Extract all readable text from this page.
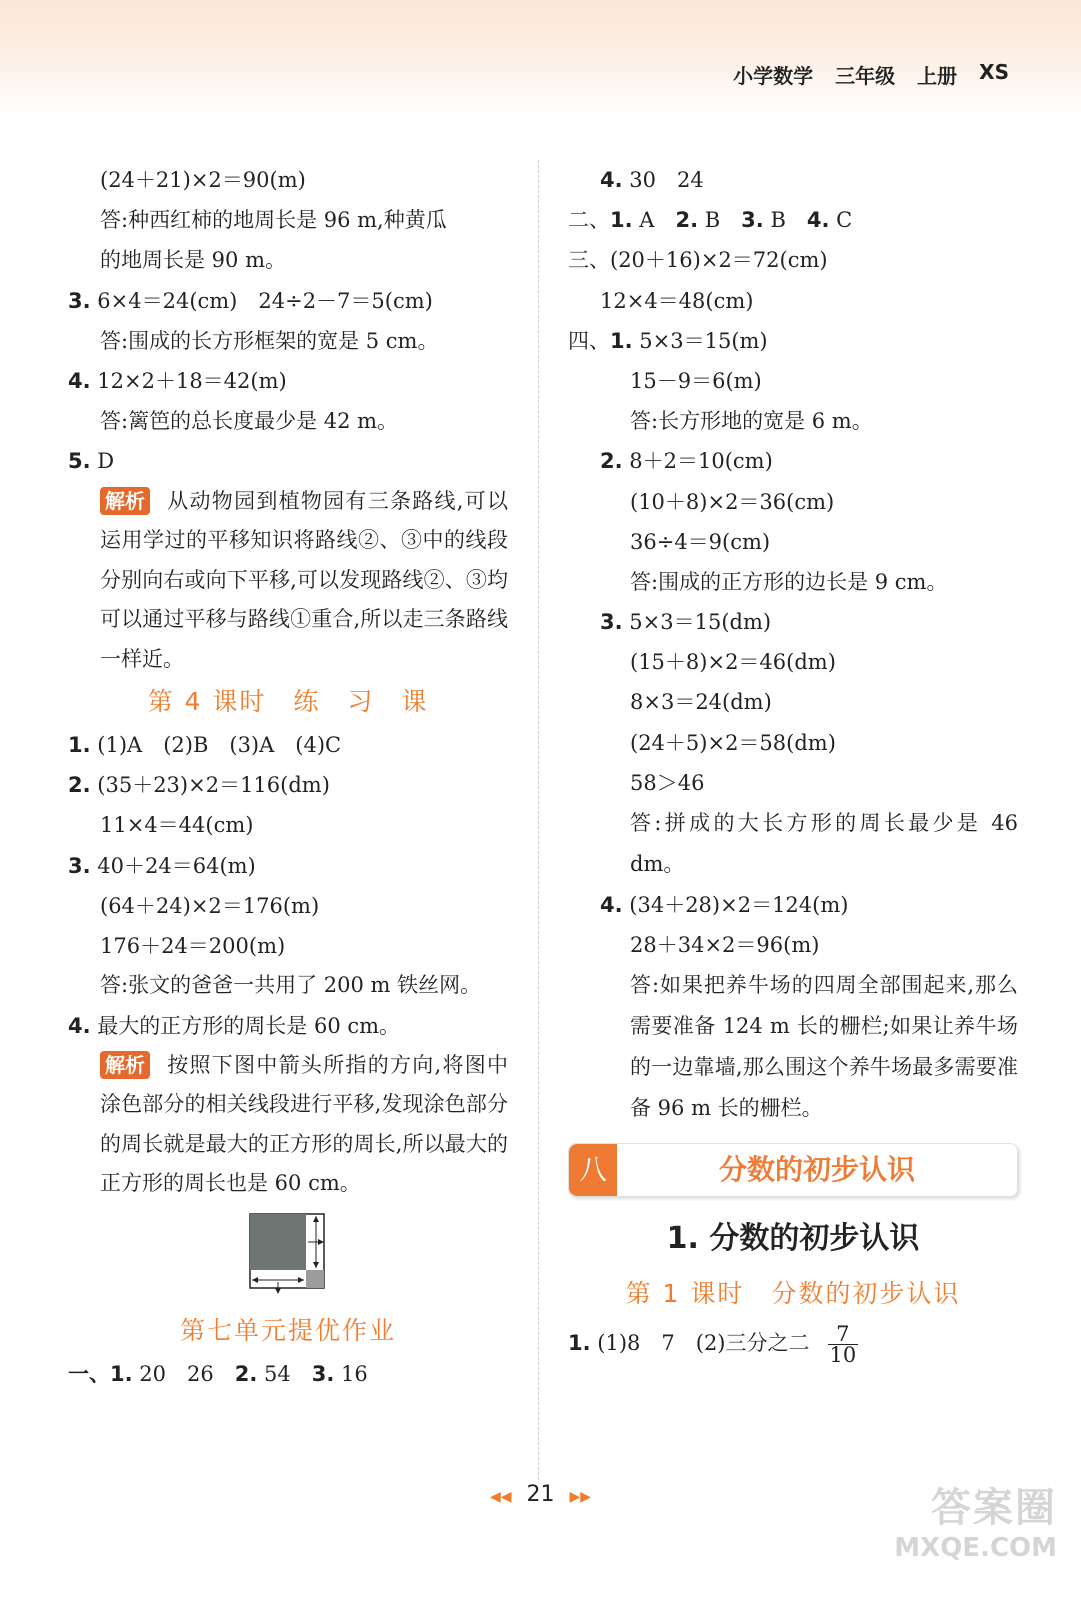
小学数学 三年级 上册 XS
(24＋21)×2＝90(m)
答:种西红柿的地周长是 96 m,种黄瓜
的地周长是 90 m。
3. 6×4＝24(cm)　24÷2－7＝5(cm)
答:围成的长方形框架的宽是 5 cm。
4. 12×2＋18＝42(m)
答:篱笆的总长度最少是 42 m。
5. D
解析 从动物园到植物园有三条路线,可以运用学过的平移知识将路线②、③中的线段分别向右或向下平移,可以发现路线②、③均可以通过平移与路线①重合,所以走三条路线一样近。
第 4 课时　练　习　课
1. (1)A　(2)B　(3)A　(4)C
2. (35＋23)×2＝116(dm)
11×4＝44(cm)
3. 40＋24＝64(m)
(64＋24)×2＝176(m)
176＋24＝200(m)
答:张文的爸爸一共用了 200 m 铁丝网。
4. 最大的正方形的周长是 60 cm。
解析 按照下图中箭头所指的方向,将图中涂色部分的相关线段进行平移,发现涂色部分的周长就是最大的正方形的周长,所以最大的正方形的周长也是 60 cm。
第七单元提优作业
一、1. 20　26　 2. 54　 3. 16
4. 30　24
二、1. A　 2. B　 3. B　 4. C
三、(20＋16)×2＝72(cm)
12×4＝48(cm)
四、1. 5×3＝15(m)
15－9＝6(m)
答:长方形地的宽是 6 m。
2. 8＋2＝10(cm)
(10＋8)×2＝36(cm)
36÷4＝9(cm)
答:围成的正方形的边长是 9 cm。
3. 5×3＝15(dm)
(15＋8)×2＝46(dm)
8×3＝24(dm)
(24＋5)×2＝58(dm)
58＞46
答:拼成的大长方形的周长最少是 46 dm。
4. (34＋28)×2＝124(m)
28＋34×2＝96(m)
答:如果把养牛场的四周全部围起来,那么需要准备 124 m 长的栅栏;如果让养牛场的一边靠墙,那么围这个养牛场最多需要准备 96 m 长的栅栏。
八	分数的初步认识
1. 分数的初步认识
第 1 课时　分数的初步认识
1. (1)8　7　(2)三分之二 $\frac{7}{10}$
◀◀ 21 ▶▶	答案圈
MXQE.COM
